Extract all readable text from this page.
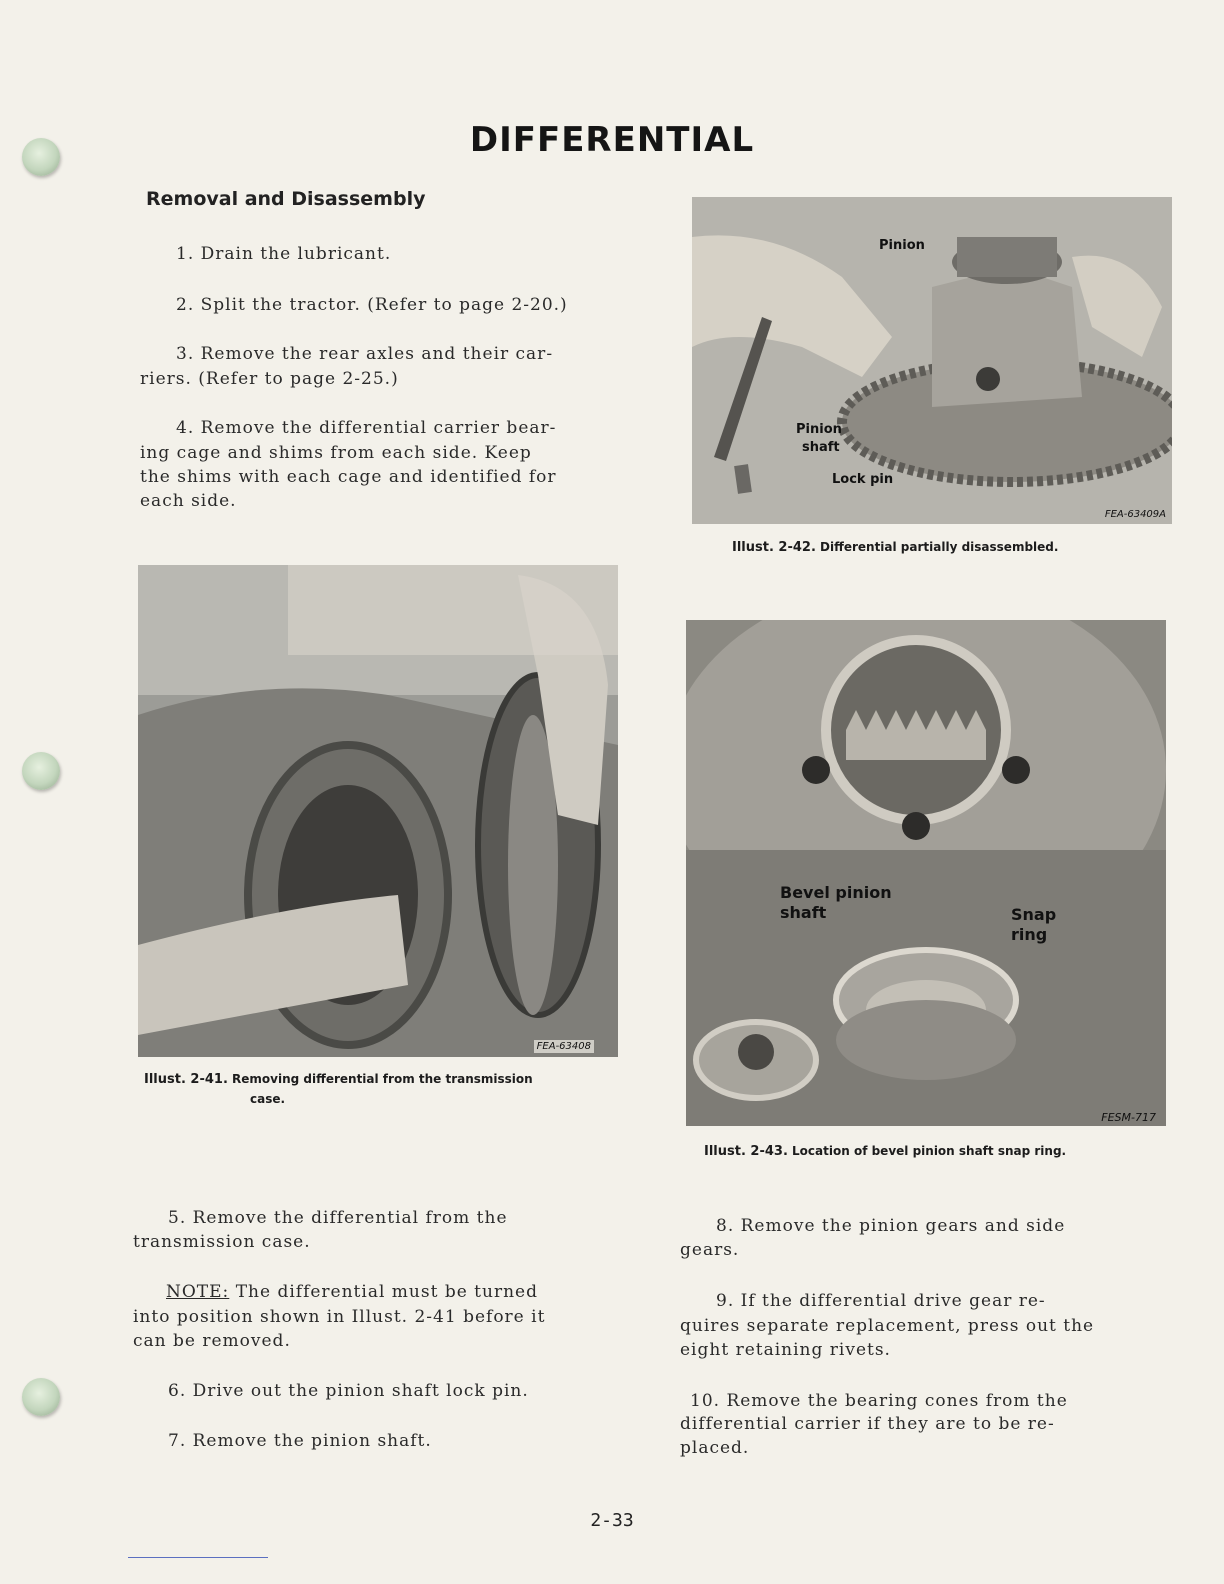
DIFFERENTIAL
Removal and Disassembly

1. Drain the lubricant.

2. Split the tractor. (Refer to page 2-20.)

3. Remove the rear axles and their car-

riers. (Refer to page 2-25.)

4. Remove the differential carrier bear-

ing cage and shims from each side. Keep

the shims with each cage and identified for

each side.

FEA-63408
Illust. 2-41. Removing differential from the transmission
case.
Pinion
Pinion
shaft
Lock pin
FEA-63409A
Illust. 2-42. Differential partially disassembled.
Bevel pinion
shaft	Snap
ring
FESM-717
Illust. 2-43. Location of bevel pinion shaft snap ring.

5. Remove the differential from the

transmission case.

NOTE: The differential must be turned

into position shown in Illust. 2-41 before it

can be removed.

6. Drive out the pinion shaft lock pin.

7. Remove the pinion shaft.

8. Remove the pinion gears and side

gears.

9. If the differential drive gear re-

quires separate replacement, press out the

eight retaining rivets.

10. Remove the bearing cones from the

differential carrier if they are to be re-

placed.

2-33
